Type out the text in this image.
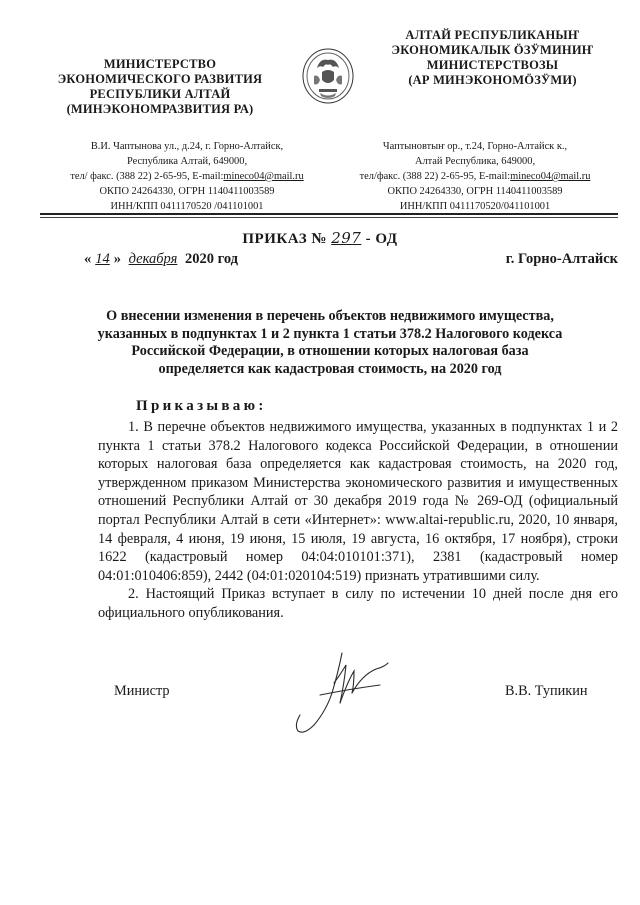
МИНИСТЕРСТВО
ЭКОНОМИЧЕСКОГО РАЗВИТИЯ
РЕСПУБЛИКИ АЛТАЙ
(МИНЭКОНОМРАЗВИТИЯ РА)
АЛТАЙ РЕСПУБЛИКАНЫҤ
ЭКОНОМИКАЛЫК ӦЗӰМИНИҤ
МИНИСТЕРСТВОЗЫ
(АР МИНЭКОНОМӦЗӰМИ)
В.И. Чаптынова ул., д.24, г. Горно-Алтайск,
Республика Алтай, 649000,
тел/ факс. (388 22) 2-65-95, E-mail:mineco04@mail.ru
ОКПО 24264330, ОГРН 1140411003589
ИНН/КПП 0411170520 /041101001
Чаптыновтыҥ ор., т.24, Горно-Алтайск к.,
Алтай Республика, 649000,
тел/факс. (388 22) 2-65-95, E-mail:mineco04@mail.ru
ОКПО 24264330, ОГРН 1140411003589
ИНН/КПП 0411170520/041101001
ПРИКАЗ № 297 - ОД
« 14 » декабря 2020 год	г. Горно-Алтайск
О внесении изменения в перечень объектов недвижимого имущества,
указанных в подпунктах 1 и 2 пункта 1 статьи 378.2 Налогового кодекса
Российской Федерации, в отношении которых налоговая база
определяется как кадастровая стоимость, на 2020 год
Приказываю:

1. В перечне объектов недвижимого имущества, указанных в подпунктах 1 и 2 пункта 1 статьи 378.2 Налогового кодекса Российской Федерации, в отношении которых налоговая база определяется как кадастровая стоимость, на 2020 год, утвержденном приказом Министерства экономического развития и имущественных отношений Республики Алтай от 30 декабря 2019 года № 269-ОД (официальный портал Республики Алтай в сети «Интернет»: www.altai-republic.ru, 2020, 10 января, 14 февраля, 4 июня, 19 июня, 15 июля, 19 августа, 16 октября, 17 ноября), строки 1622 (кадастровый номер 04:04:010101:371), 2381 (кадастровый номер 04:01:010406:859), 2442 (04:01:020104:519) признать утратившими силу.

2. Настоящий Приказ вступает в силу по истечении 10 дней после дня его официального опубликования.

Министр	В.В. Тупикин
